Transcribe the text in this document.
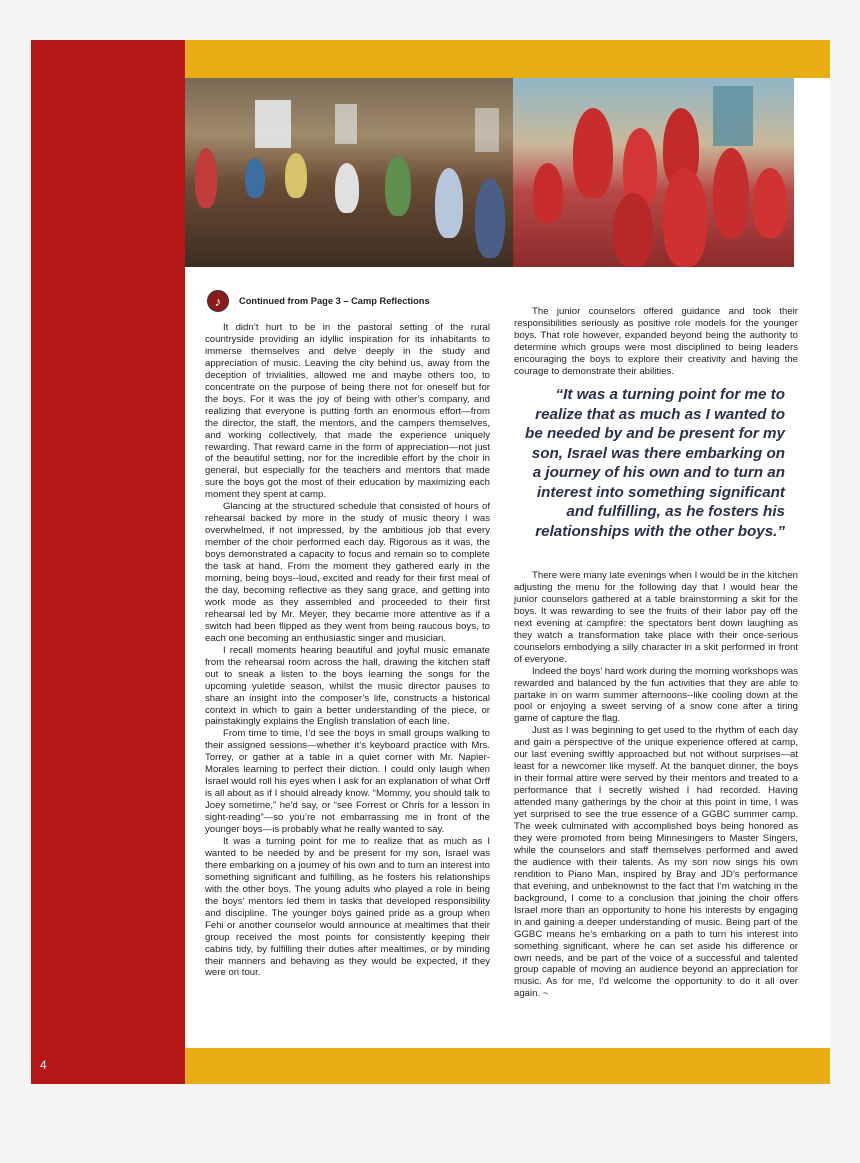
4
♪	Continued from Page 3 – Camp Reflections

It didn’t hurt to be in the pastoral setting of the rural countryside providing an idyllic inspiration for its inhabitants to immerse themselves and delve deeply in the study and appreciation of music. Leaving the city behind us, away from the deception of trivialities, allowed me and maybe others too, to concentrate on the purpose of being there not for oneself but for the boys. For it was the joy of being with other’s company, and realizing that everyone is putting forth an enormous effort—from the director, the staff, the mentors, and the campers themselves, and working collectively, that made the experience uniquely rewarding. That reward came in the form of appreciation—not just of the beautiful setting, nor for the incredible effort by the choir in general, but especially for the teachers and mentors that made sure the boys got the most of their education by maximizing each moment they spent at camp.

Glancing at the structured schedule that consisted of hours of rehearsal backed by more in the study of music theory I was overwhelmed, if not impressed, by the ambitious job that every member of the choir performed each day. Rigorous as it was, the boys demonstrated a capacity to focus and remain so to complete the task at hand. From the moment they gathered early in the morning, being boys--loud, excited and ready for their first meal of the day, becoming reflective as they sang grace, and getting into work mode as they assembled and proceeded to their first rehearsal led by Mr. Meyer, they became more attentive as if a switch had been flipped as they went from being raucous boys, to each one becoming an enthusiastic singer and musician.

I recall moments hearing beautiful and joyful music emanate from the rehearsal room across the hall, drawing the kitchen staff out to sneak a listen to the boys learning the songs for the upcoming yuletide season, whilst the music director pauses to share an insight into the composer’s life, constructs a historical context in which to gain a better understanding of the piece, or painstakingly explains the English translation of each line.

From time to time, I’d see the boys in small groups walking to their assigned sessions—whether it’s keyboard practice with Mrs. Torrey, or gather at a table in a quiet corner with Mr. Napier-Morales learning to perfect their diction. I could only laugh when Israel would roll his eyes when I ask for an explanation of what Orff is all about as if I should already know. “Mommy, you should talk to Joey sometime,” he’d say, or “see Forrest or Chris for a lesson in sight-reading”—so you’re not embarrassing me in front of the younger boys—is probably what he really wanted to say.

It was a turning point for me to realize that as much as I wanted to be needed by and be present for my son, Israel was there embarking on a journey of his own and to turn an interest into something significant and fulfilling, as he fosters his relationships with the other boys. The young adults who played a role in being the boys’ mentors led them in tasks that developed responsibility and discipline. The younger boys gained pride as a group when Fehi or another counselor would announce at mealtimes that their group received the most points for consistently keeping their cabins tidy, by fulfilling their duties after mealtimes, or by minding their manners and behaving as they would be expected, if they were on tour.

The junior counselors offered guidance and took their responsibilities seriously as positive role models for the younger boys. That role however, expanded beyond being the authority to determine which groups were most disciplined to being leaders encouraging the boys to explore their creativity and having the courage to demonstrate their abilities.

“It was a turning point for me to realize that as much as I wanted to be needed by and be present for my son, Israel was there embarking on a journey of his own and to turn an interest into something significant and fulfilling, as he fosters his relationships with the other boys.”

There were many late evenings when I would be in the kitchen adjusting the menu for the following day that I would hear the junior counselors gathered at a table brainstorming a skit for the boys. It was rewarding to see the fruits of their labor pay off the next evening at campfire: the spectators bent down laughing as they watch a transformation take place with their once-serious counselors embodying a silly character in a skit performed in front of everyone.

Indeed the boys’ hard work during the morning workshops was rewarded and balanced by the fun activities that they are able to partake in on warm summer afternoons--like cooling down at the pool or enjoying a sweet serving of a snow cone after a tiring game of capture the flag.

Just as I was beginning to get used to the rhythm of each day and gain a perspective of the unique experience offered at camp, our last evening swiftly approached but not without surprises—at least for a newcomer like myself. At the banquet dinner, the boys in their formal attire were served by their mentors and treated to a performance that I secretly wished I had recorded. Having attended many gatherings by the choir at this point in time, I was yet surprised to see the true essence of a GGBC summer camp. The week culminated with accomplished boys being honored as they were promoted from being Minnesingers to Master Singers, while the counselors and staff themselves performed and awed the audience with their talents. As my son now sings his own rendition to Piano Man, inspired by Bray and JD’s performance that evening, and unbeknownst to the fact that I’m watching in the background, I come to a conclusion that joining the choir offers Israel more than an opportunity to hone his interests by engaging in and gaining a deeper understanding of music. Being part of the GGBC means he’s embarking on a path to turn his interest into something significant, where he can set aside his difference or own needs, and be part of the voice of a successful and talented group capable of moving an audience beyond an appreciation for music. As for me, I’d welcome the opportunity to do it all over again. ~
